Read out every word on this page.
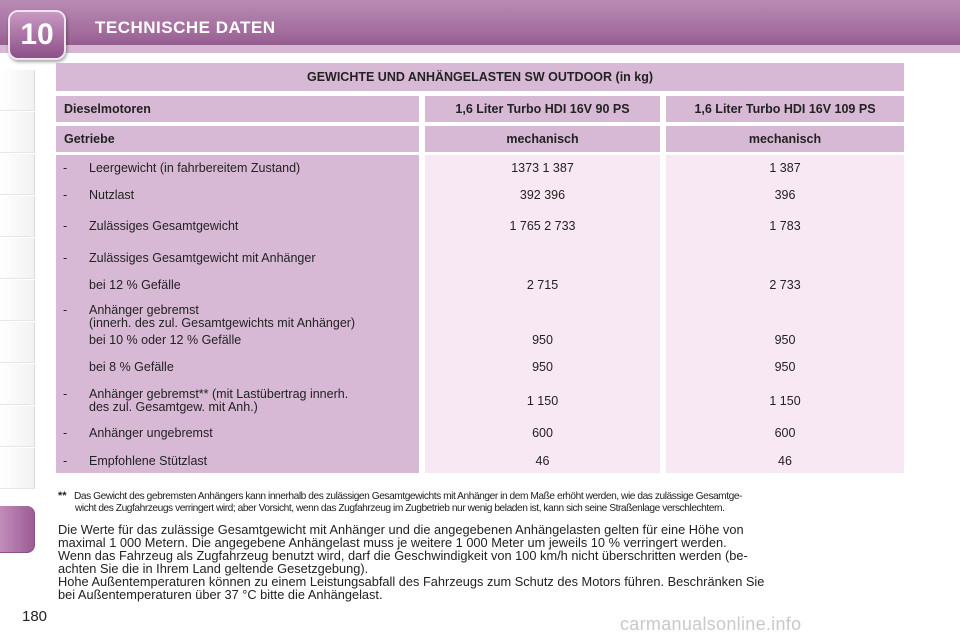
10	TECHNISCHE DATEN
GEWICHTE UND ANHÄNGELASTEN SW OUTDOOR (in kg)
Dieselmotoren	1,6 Liter Turbo HDI 16V 90 PS	1,6 Liter Turbo HDI 16V 109 PS
Getriebe	mechanisch	mechanisch
- Leergewicht (in fahrbereitem Zustand)	1373 1 387	1 387
- Nutzlast	392 396	396
- Zulässiges Gesamtgewicht	1 765 2 733	1 783
- Zulässiges Gesamtgewicht mit Anhänger
bei 12 % Gefälle	2 715	2 733
- Anhänger gebremst
(innerh. des zul. Gesamtgewichts mit Anhänger)
bei 10 % oder 12 % Gefälle	950	950
bei 8 % Gefälle	950	950
- Anhänger gebremst** (mit Lastübertrag innerh.
des zul. Gesamtgew. mit Anh.)	1 150	1 150
- Anhänger ungebremst	600	600
- Empfohlene Stützlast	46	46
** Das Gewicht des gebremsten Anhängers kann innerhalb des zulässigen Gesamtgewichts mit Anhänger in dem Maße erhöht werden, wie das zulässige Gesamtge-

wicht des Zugfahrzeugs verringert wird; aber Vorsicht, wenn das Zugfahrzeug im Zugbetrieb nur wenig beladen ist, kann sich seine Straßenlage verschlechtern.

Die Werte für das zulässige Gesamtgewicht mit Anhänger und die angegebenen Anhängelasten gelten für eine Höhe von

maximal 1 000 Metern. Die angegebene Anhängelast muss je weitere 1 000 Meter um jeweils 10 % verringert werden.

Wenn das Fahrzeug als Zugfahrzeug benutzt wird, darf die Geschwindigkeit von 100 km/h nicht überschritten werden (be-

achten Sie die in Ihrem Land geltende Gesetzgebung).

Hohe Außentemperaturen können zu einem Leistungsabfall des Fahrzeugs zum Schutz des Motors führen. Beschränken Sie

bei Außentemperaturen über 37 °C bitte die Anhängelast.

180	carmanualsonline.info
